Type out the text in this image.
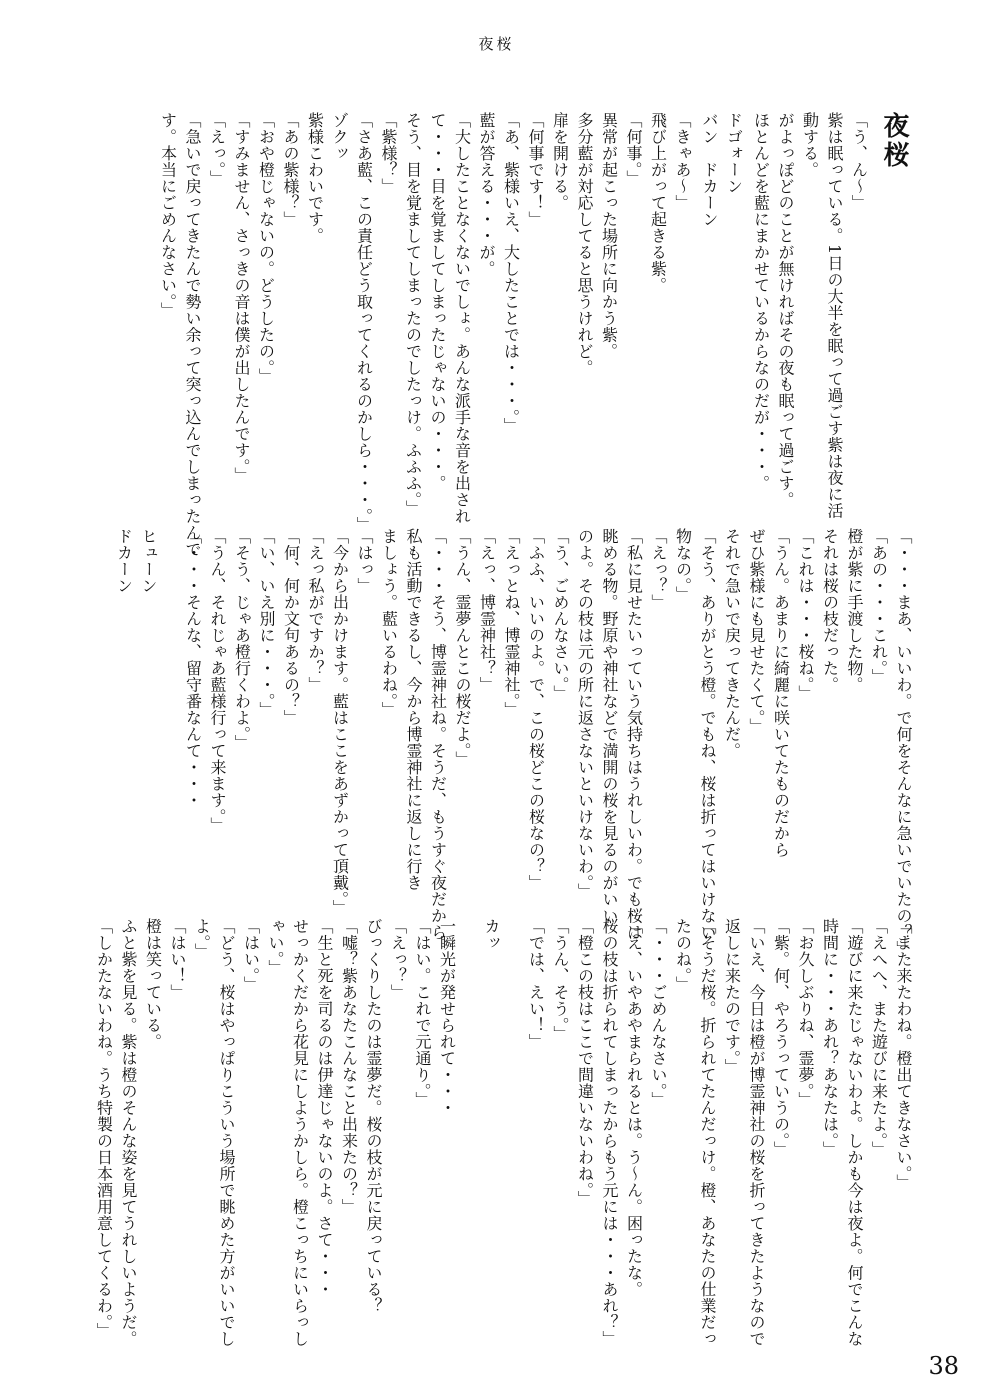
夜桜
夜桜
「う、ん〜」
紫は眠っている。1日の大半を眠って過ごす紫は夜に活
動する。
がよっぽどのことが無ければその夜も眠って過ごす。
ほとんどを藍にまかせているからなのだが・・・。
ドゴォーン
バン　ドカーン
「きゃあ〜」
飛び上がって起きる紫。
「何事。」
異常が起こった場所に向かう紫。
多分藍が対応してると思うけれど。
扉を開ける。
「何事です！」
「あ、紫様いえ、大したことでは・・・。」
藍が答える・・・が。
「大したことなくないでしょ。あんな派手な音を出され
て・・・目を覚ましてしまったじゃないの・・・。
そう、目を覚ましてしまったのでしたっけ。ふふふ。」
「紫様？」
「さあ藍、この責任どう取ってくれるのかしら・・・。」
ゾクッ
紫様こわいです。
「あの紫様？」
「おや橙じゃないの。どうしたの。」
「すみません、さっきの音は僕が出したんです。」
「えっ。」
「急いで戻ってきたんで勢い余って突っ込んでしまったんで
す。本当にごめんなさい。」
「・・・まあ、いいわ。で何をそんなに急いでいたの？」
「あの・・・これ。」
橙が紫に手渡した物。
それは桜の枝だった。
「これは・・・桜ね。」
「うん。あまりに綺麗に咲いてたものだから
ぜひ紫様にも見せたくて。」
それで急いで戻ってきたんだ。
「そう、ありがとう橙。でもね、桜は折ってはいけない
物なの。」
「えっ？」
「私に見せたいっていう気持ちはうれしいわ。でも桜は
眺める物。野原や神社などで満開の桜を見るのがいい
のよ。その枝は元の所に返さないといけないわ。」
「う、ごめんなさい。」
「ふふ、いいのよ。で、この桜どこの桜なの？」
「えっとね、博霊神社。」
「えっ、博霊神社？」
「うん、霊夢んとこの桜だよ。」
「・・・そう、博霊神社ね。そうだ、もうすぐ夜だから
私も活動できるし、今から博霊神社に返しに行き
ましょう。藍いるわね。」
「はっ」
「今から出かけます。藍はここをあずかって頂戴。」
「えっ私がですか？」
「何、何か文句あるの？」
「い、いえ別に・・・。」
「そう、じゃあ橙行くわよ。」
「うん、それじゃあ藍様行って来ます。」
「・・・そんな、留守番なんて・・・
ヒューン
ドカーン
「また来たわね。橙出てきなさい。」
「えへへ、また遊びに来たよ。」
「遊びに来たじゃないわよ。しかも今は夜よ。何でこんな
時間に・・・あれ？あなたは。」
「お久しぶりね、霊夢。」
「紫。何、やろうっていうの。」
「いえ、今日は橙が博霊神社の桜を折ってきたようなので
返しに来たのです。」
「そうだ桜。折られてたんだっけ。橙、あなたの仕業だっ
たのね。」
「・・・ごめんなさい。」
「え、いやあやまられるとは。う〜ん。困ったな。
桜の枝は折られてしまったからもう元には・・・あれ？」
「橙この枝はここで間違いないわね。」
「うん、そう。」
「では、えい！」
カッ
一瞬光が発せられて・・・
「はい。これで元通り。」
「えっ？」
びっくりしたのは霊夢だ。桜の枝が元に戻っている？
「嘘？紫あなたこんなこと出来たの？」
「生と死を司るのは伊達じゃないのよ。さて・・・
せっかくだから花見にしようかしら。橙こっちにいらっし
ゃい。」
「はい。」
「どう、桜はやっぱりこういう場所で眺めた方がいいでし
よ。」
「はい！」
橙は笑っている。
ふと紫を見る。紫は橙のそんな姿を見てうれしいようだ。
「しかたないわね。うち特製の日本酒用意してくるわ。」
38
